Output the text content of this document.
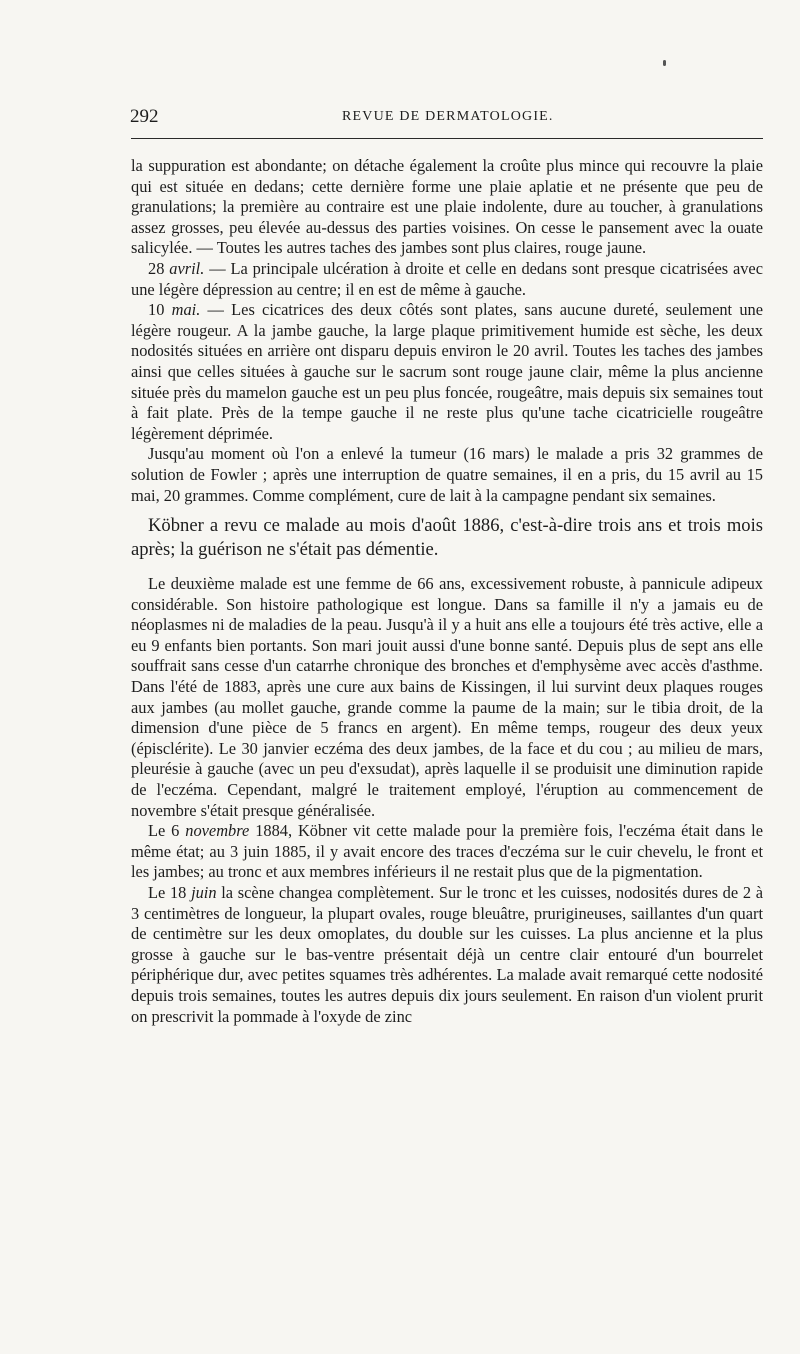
292	REVUE DE DERMATOLOGIE.

la suppuration est abondante; on détache également la croûte plus mince qui recouvre la plaie qui est située en dedans; cette dernière forme une plaie aplatie et ne présente que peu de granulations; la première au contraire est une plaie indolente, dure au toucher, à granulations assez grosses, peu élevée au-dessus des parties voisines. On cesse le pansement avec la ouate salicylée. — Toutes les autres taches des jambes sont plus claires, rouge jaune.

28 avril. — La principale ulcération à droite et celle en dedans sont presque cicatrisées avec une légère dépression au centre; il en est de même à gauche.

10 mai. — Les cicatrices des deux côtés sont plates, sans aucune dureté, seulement une légère rougeur. A la jambe gauche, la large plaque primitivement humide est sèche, les deux nodosités situées en arrière ont disparu depuis environ le 20 avril. Toutes les taches des jambes ainsi que celles situées à gauche sur le sacrum sont rouge jaune clair, même la plus ancienne située près du mamelon gauche est un peu plus foncée, rougeâtre, mais depuis six semaines tout à fait plate. Près de la tempe gauche il ne reste plus qu'une tache cicatricielle rougeâtre légèrement déprimée.

Jusqu'au moment où l'on a enlevé la tumeur (16 mars) le malade a pris 32 grammes de solution de Fowler ; après une interruption de quatre semaines, il en a pris, du 15 avril au 15 mai, 20 grammes. Comme complément, cure de lait à la campagne pendant six semaines.

Köbner a revu ce malade au mois d'août 1886, c'est-à-dire trois ans et trois mois après; la guérison ne s'était pas démentie.

Le deuxième malade est une femme de 66 ans, excessivement robuste, à pannicule adipeux considérable. Son histoire pathologique est longue. Dans sa famille il n'y a jamais eu de néoplasmes ni de maladies de la peau. Jusqu'à il y a huit ans elle a toujours été très active, elle a eu 9 enfants bien portants. Son mari jouit aussi d'une bonne santé. Depuis plus de sept ans elle souffrait sans cesse d'un catarrhe chronique des bronches et d'emphysème avec accès d'asthme. Dans l'été de 1883, après une cure aux bains de Kissingen, il lui survint deux plaques rouges aux jambes (au mollet gauche, grande comme la paume de la main; sur le tibia droit, de la dimension d'une pièce de 5 francs en argent). En même temps, rougeur des deux yeux (épisclérite). Le 30 janvier eczéma des deux jambes, de la face et du cou ; au milieu de mars, pleurésie à gauche (avec un peu d'exsudat), après laquelle il se produisit une diminution rapide de l'eczéma. Cependant, malgré le traitement employé, l'éruption au commencement de novembre s'était presque généralisée.

Le 6 novembre 1884, Köbner vit cette malade pour la première fois, l'eczéma était dans le même état; au 3 juin 1885, il y avait encore des traces d'eczéma sur le cuir chevelu, le front et les jambes; au tronc et aux membres inférieurs il ne restait plus que de la pigmentation.

Le 18 juin la scène changea complètement. Sur le tronc et les cuisses, nodosités dures de 2 à 3 centimètres de longueur, la plupart ovales, rouge bleuâtre, prurigineuses, saillantes d'un quart de centimètre sur les deux omoplates, du double sur les cuisses. La plus ancienne et la plus grosse à gauche sur le bas-ventre présentait déjà un centre clair entouré d'un bourrelet périphérique dur, avec petites squames très adhérentes. La malade avait remarqué cette nodosité depuis trois semaines, toutes les autres depuis dix jours seulement. En raison d'un violent prurit on prescrivit la pommade à l'oxyde de zinc
